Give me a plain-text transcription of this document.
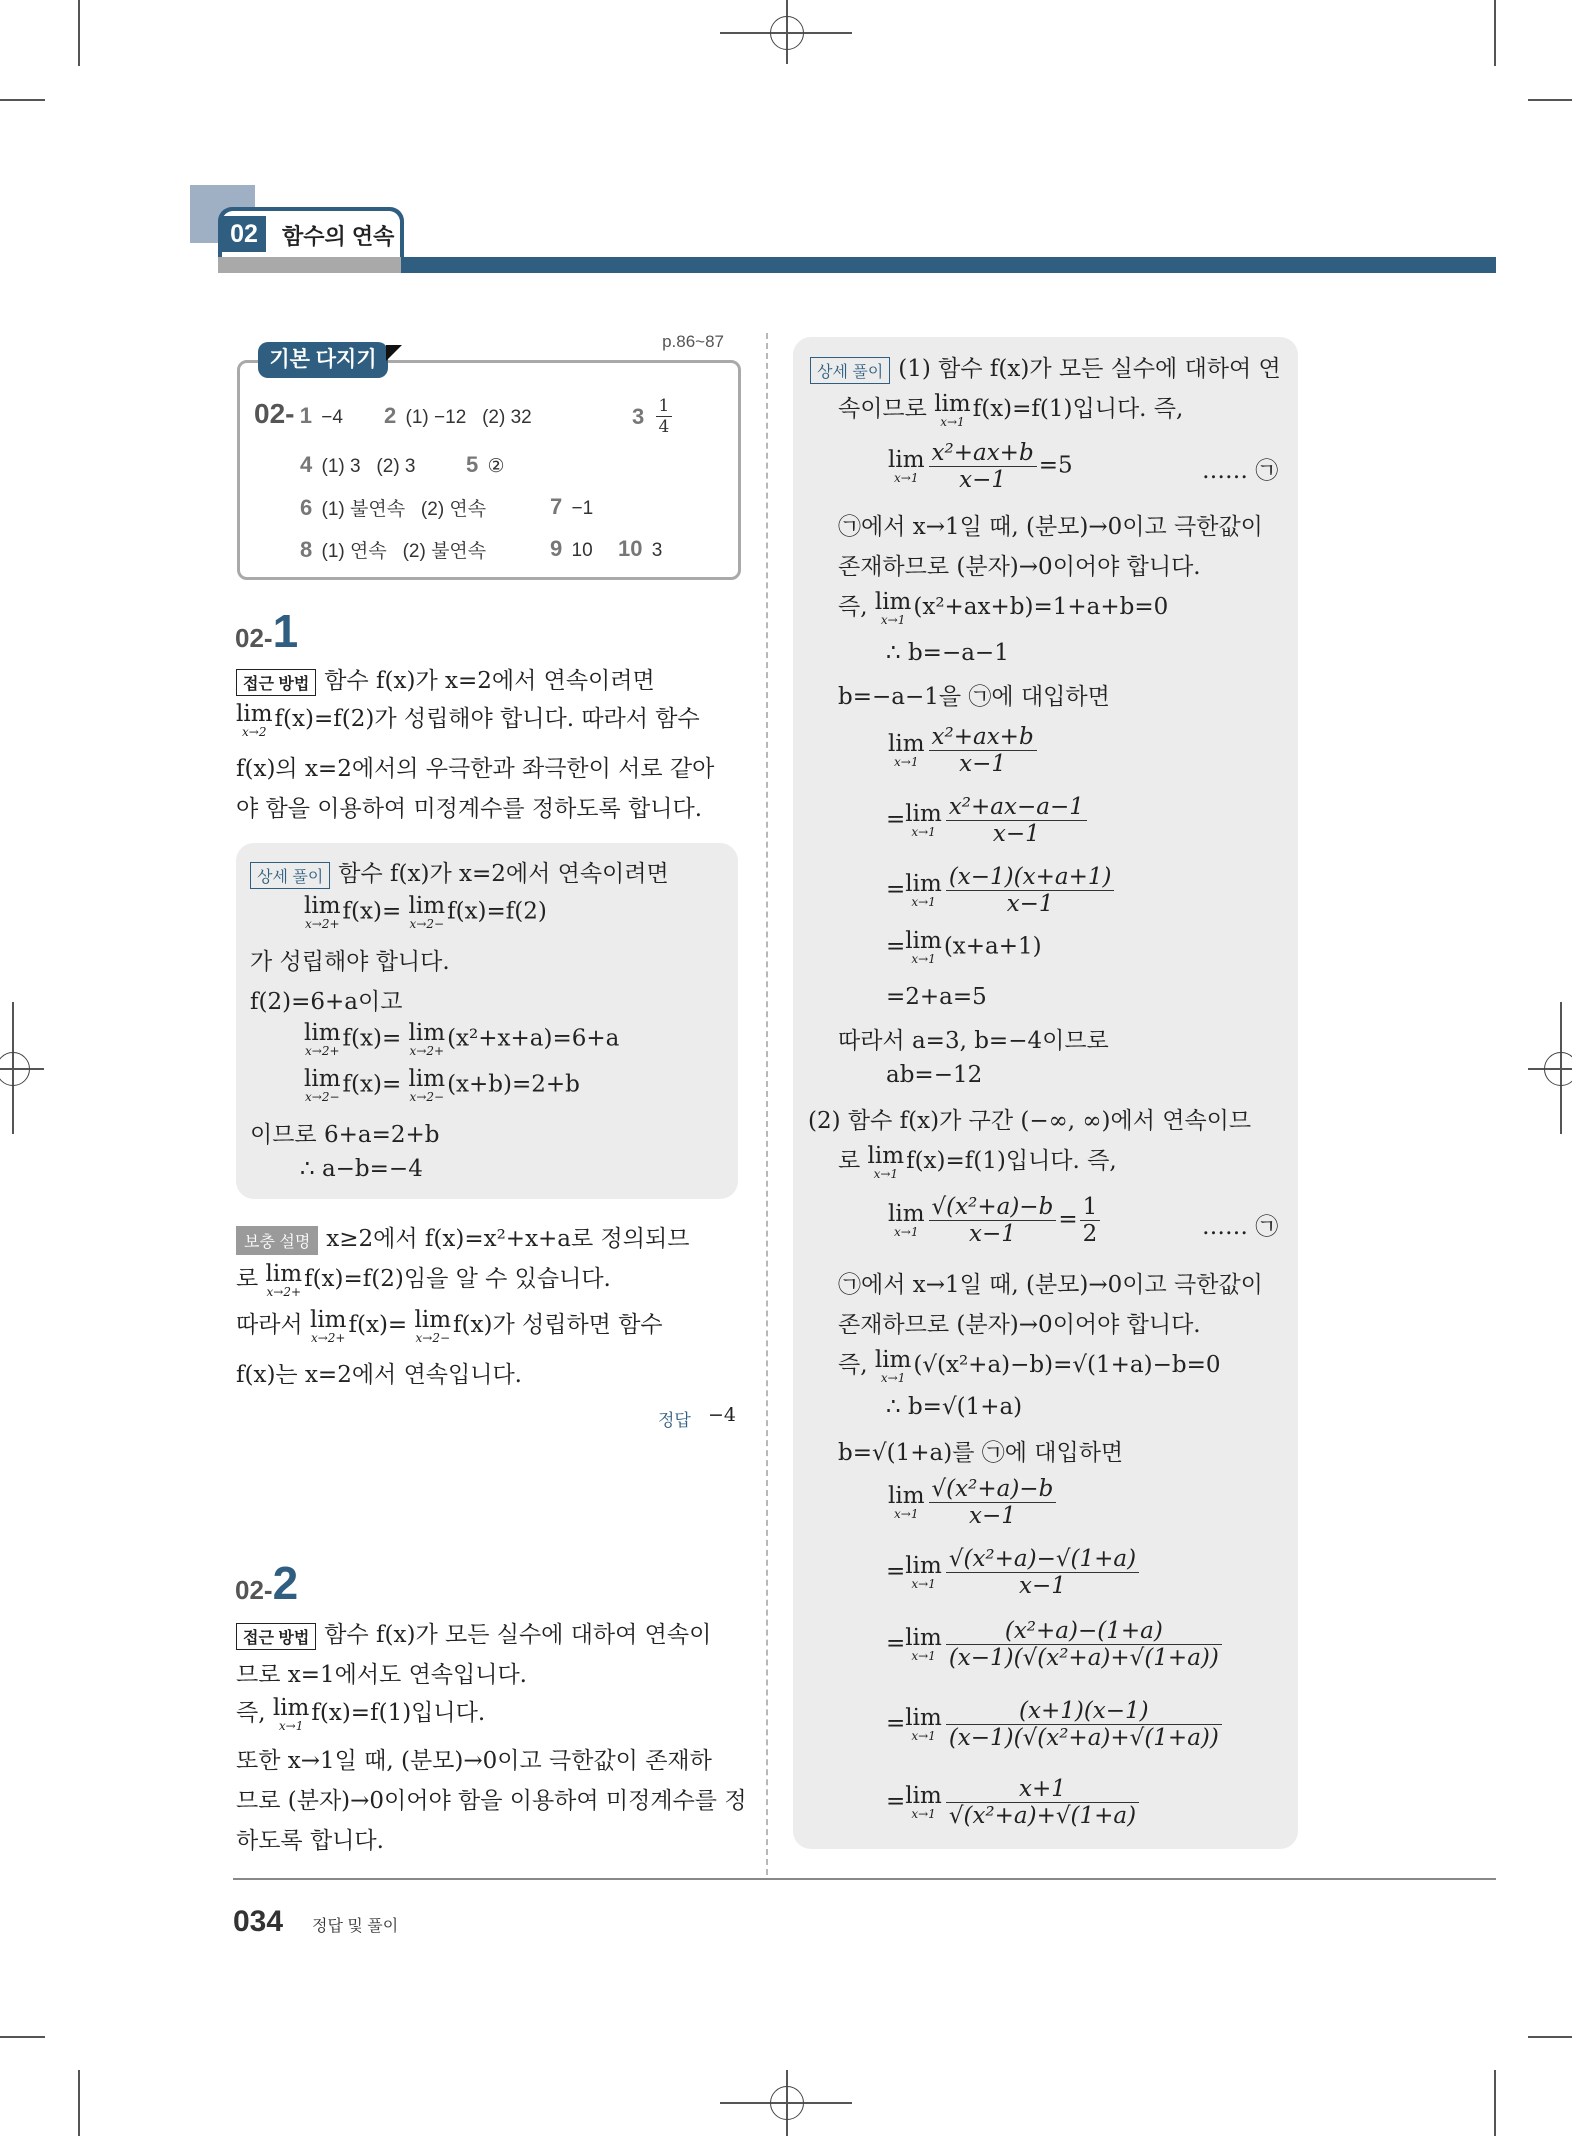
02	함수의 연속
p.86~87
기본 다지기
02- 1 −4 2 (1) −12   (2) 32	$3 \frac{1}{4}$
4 (1) 3   (2) 3 5 ②
6 (1) 불연속   (2) 연속	7 −1
8 (1) 연속   (2) 불연속	9 10 10 3
02-1
접근 방법 함수 f(x)가 x=2에서 연속이려면
lim
x→2 f(x)=f(2)가 성립해야 합니다. 따라서 함수
f(x)의 x=2에서의 우극한과 좌극한이 서로 같아
야 함을 이용하여 미정계수를 정하도록 합니다.
상세 풀이 함수 f(x)가 x=2에서 연속이려면
lim
x→2+ f(x)= lim
x→2− f(x)=f(2)
가 성립해야 합니다.
f(2)=6+a이고
lim
x→2+ f(x)= lim
x→2+ (x²+x+a)=6+a
lim
x→2− f(x)= lim
x→2− (x+b)=2+b
이므로 6+a=2+b
∴ a−b=−4
보충 설명 x≥2에서 f(x)=x²+x+a로 정의되므
로 lim
x→2+ f(x)=f(2)임을 알 수 있습니다.
따라서 lim
x→2+ f(x)= lim
x→2− f(x)가 성립하면 함수
f(x)는 x=2에서 연속입니다.
정답 −4
02-2
접근 방법 함수 f(x)가 모든 실수에 대하여 연속이
므로 x=1에서도 연속입니다.
즉, lim
x→1 f(x)=f(1)입니다.
또한 x→1일 때, (분모)→0이고 극한값이 존재하
므로 (분자)→0이어야 함을 이용하여 미정계수를 정
하도록 합니다.
상세 풀이 (1) 함수 f(x)가 모든 실수에 대하여 연
속이므로 lim
x→1 f(x)=f(1)입니다. 즉,
lim
$x\to 1 \frac{\text{x²+ax+b}}{x-1} =5$	…… ㉠
㉠에서 x→1일 때, (분모)→0이고 극한값이
존재하므로 (분자)→0이어야 합니다.
즉, lim
x→1 (x²+ax+b)=1+a+b=0
∴ b=−a−1
b=−a−1을 ㉠에 대입하면
lim
$x\to 1 \frac{\text{x²+ax+b}}{x-1}$
= lim
$x\to 1 \frac{\text{x²+ax−a−1}}{x-1}$
= lim
$x\to 1 \frac{(x-1)(x+a+1)}{x-1}$
= lim
x→1 (x+a+1)
=2+a=5
따라서 a=3, b=−4이므로
ab=−12
(2) 함수 f(x)가 구간 (−∞, ∞)에서 연속이므
로 lim
x→1 f(x)=f(1)입니다. 즉,
lim
$x\to 1 \frac{\text{√(x²+a)−b}}{x-1} = \frac{1}{2}$	…… ㉠
㉠에서 x→1일 때, (분모)→0이고 극한값이
존재하므로 (분자)→0이어야 합니다.
즉, lim
x→1 (√(x²+a)−b)=√(1+a)−b=0
∴ b=√(1+a)
b=√(1+a)를 ㉠에 대입하면
lim
$x\to 1 \frac{\text{√(x²+a)−b}}{x-1}$
= lim
$x\to 1 \frac{\text{√(x²+a)−√(1+a)}}{x-1}$
= lim
$x\to 1 \frac{\text{(x²+a)−(1+a)}}{\text{(x−1)(√(x²+a)+√(1+a))}}$
= lim
$x\to 1 \frac{(x+1)(x-1)}{\text{(x−1)(√(x²+a)+√(1+a))}}$
= lim
$x\to 1 \frac{x+1}{\text{√(x²+a)+√(1+a)}}$
034 정답 및 풀이
